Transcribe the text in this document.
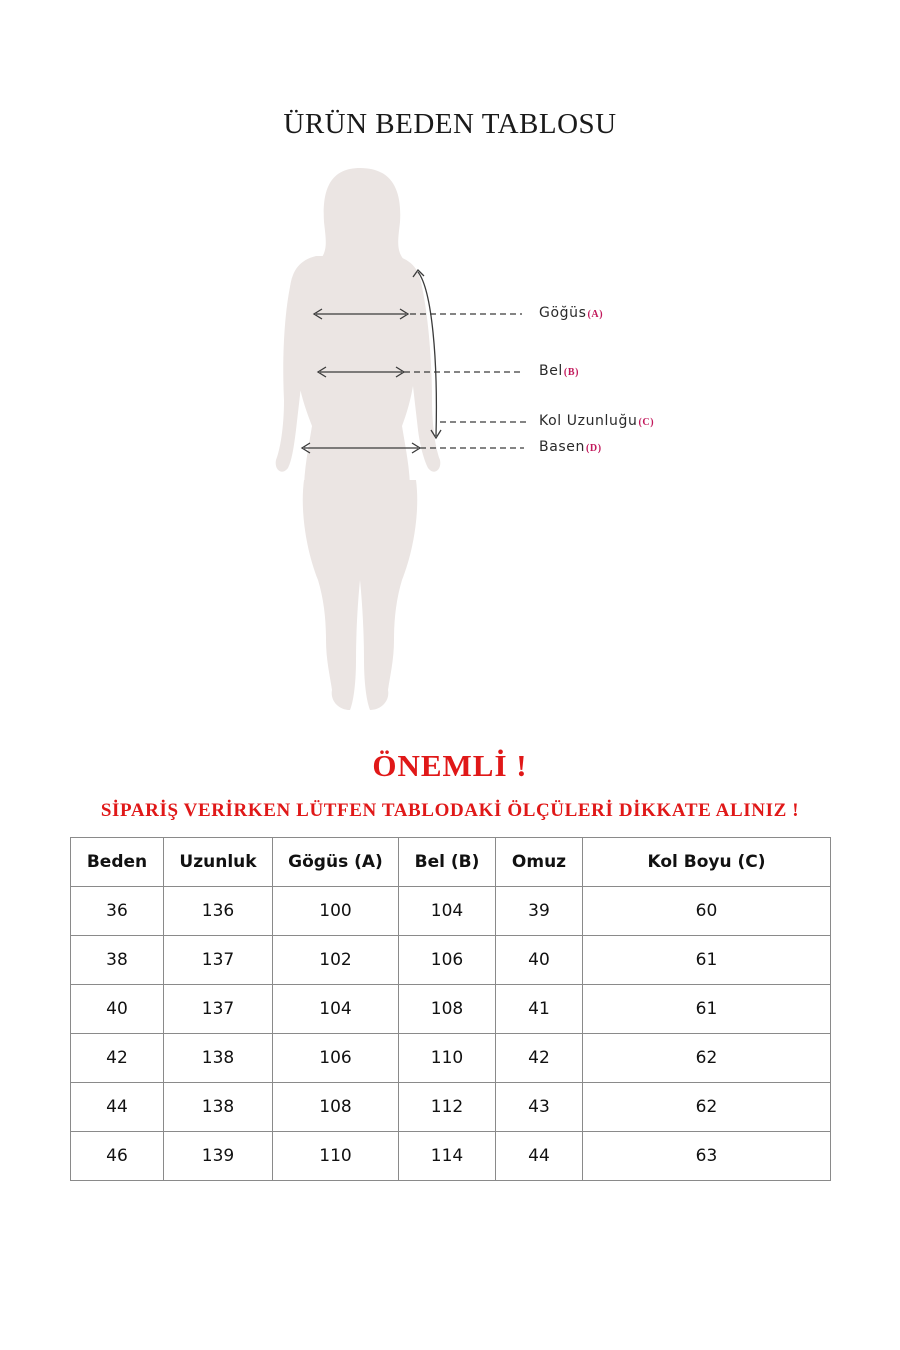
ÜRÜN BEDEN TABLOSU
Göğüs(A)
Bel(B)
Kol Uzunluğu(C)
Basen(D)
ÖNEMLİ !
SİPARİŞ VERİRKEN LÜTFEN TABLODAKİ ÖLÇÜLERİ DİKKATE ALINIZ !
Beden	Uzunluk	Gögüs (A)	Bel (B)	Omuz	Kol Boyu (C)
36	136	100	104	39	60
38	137	102	106	40	61
40	137	104	108	41	61
42	138	106	110	42	62
44	138	108	112	43	62
46	139	110	114	44	63
